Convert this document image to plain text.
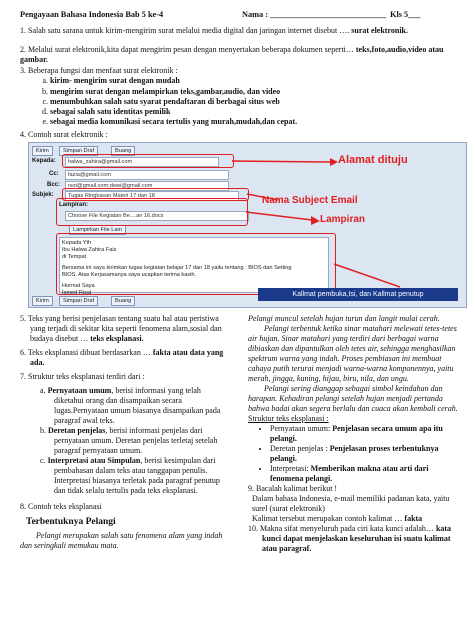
Pengayaan Bahasa Indonesia Bab 5 ke-4	Nama : ____________________________ Kls 5___
1. Salah satu sarana untuk kirim-mengirim surat melalui media digital dan jaringan internet disebut …. surat elektronik.
2. Melalui surat elektronik,kita dapat mengirim pesan dengan menyertakan beberapa dokumen seperti… teks,foto,audio,video atau gambar.
3. Beberapa fungsi dan menfaat surat elektronik :
a. kirim- mengirim surat dengan mudah
b. mengirim surat dengan melampirkan teks,gambar,audio, dan video
c. menumbuhkan salah satu syarat pendaftaran di berbagai situs web
d. sebagai salah satu identitas pemilik
e. sebagai media komunikasi secara tertulis yang murah,mudah,dan cepat.
4. Contoh surat elektronik :
Kirim	Simpan Draf	Buang
Kepada:	halwa_zahira@gmail.com
Cc:	fazia@gmail.com
Bcc:	rezi@gmail.com;dewi@gmail.com
Subjek:	Tugas Ringkasan Materi 17 dan 18
Lampiran:
Choose File Kegiatan Be....an 16.docx
Lampirkan File Lain
Kepada Yth
Ibu Halwa Zahira Faiz
di Tempat
Bersama ini saya kirimkan tugas kegiatan belajar 17 dan 18 yaitu tentang : BIOS dan Setting
BIOS. Atas Kerjasamanya saya ucapkan terima kasih.
Hormat Saya
Ismed Rizal
Kirim	Simpan Draf	Buang
Alamat dituju
Nama Subject Email
Lampiran
Kallmat pembuka,Isi, dan Kallmat penutup
5. Teks yang berisi penjelasan tentang suatu hal atau peristiwa yang terjadi di sekitar kita seperti fenomena alam,sosial dan budaya disebut … teks eksplanasi.
6. Teks eksplanasi dibuat berdasarkan … fakta atau data yang ada.
7. Struktur teks eksplanasi terdiri dari :
a. Pernyataan umum, berisi informasi yang telah diketahui orang dan disampaikan secara lugas.Pernyataan umum biasanya disampaikan pada paragraf awal teks.
b. Deretan penjelas, berisi informasi penjelas dari pernyataan umum. Deretan penjelas terletaj setelah paragraf pernyataan umum.
c. Interpretasi atau Simpulan, berisi kesimpulan dari pembahasan dalam teks atau tanggapan penulis. Interpretasi biasanya terletak pada paragraf penutup dan tidak selalu tertulis pada teks eksplanasi.
8. Contoh teks eksplanasi
Terbentuknya Pelangi
Pelangi merupakan salah satu fenomena alam yang indah dan seringkali memukau mata.
Pelangi muncul setelah hujan turun dan langit mulai cerah.
Pelangi terbentuk ketika sinar matahari melewati tetes-tetes air hujan. Sinar matahari yang terdiri dari berbagai warna dibiaskan dan dipantulkan oleh tetes air, sehingga menghasilkan spektrum warna yang indah. Proses pembiasan ini membuat cahaya putih terurai menjadi warna-warna komponennya, yaitu merah, jingga, kuning, hijau, biru, nila, dan ungu.
Pelangi sering dianggap sebagai simbol keindahan dan harapan. Kehadiran pelangi setelah hujan menjadi pertanda bahwa badai akan segera berlalu dan cuaca akan kembali cerah.
Struktur teks eksplanasi :
• Pernyataan umum: Penjelasan secara umum apa itu pelangi.
• Deretan penjelas : Penjelasan proses terbentuknya pelangi.
• Interpretasi: Memberikan makna atau arti dari fenomena pelangi.
9. Bacalah kalimat berikut !
Dalam bahasa Indonesia, e-mail memiliki padanan kata, yaitu surel (surat elektronik)
Kalimat tersebut merupakan contoh kalimat … fakta
10. Makna sifat menyeluruh pada ciri kata kunci adalah… kata kunci dapat menjelaskan keseluruhan isi suatu kalimat atau paragraf.
